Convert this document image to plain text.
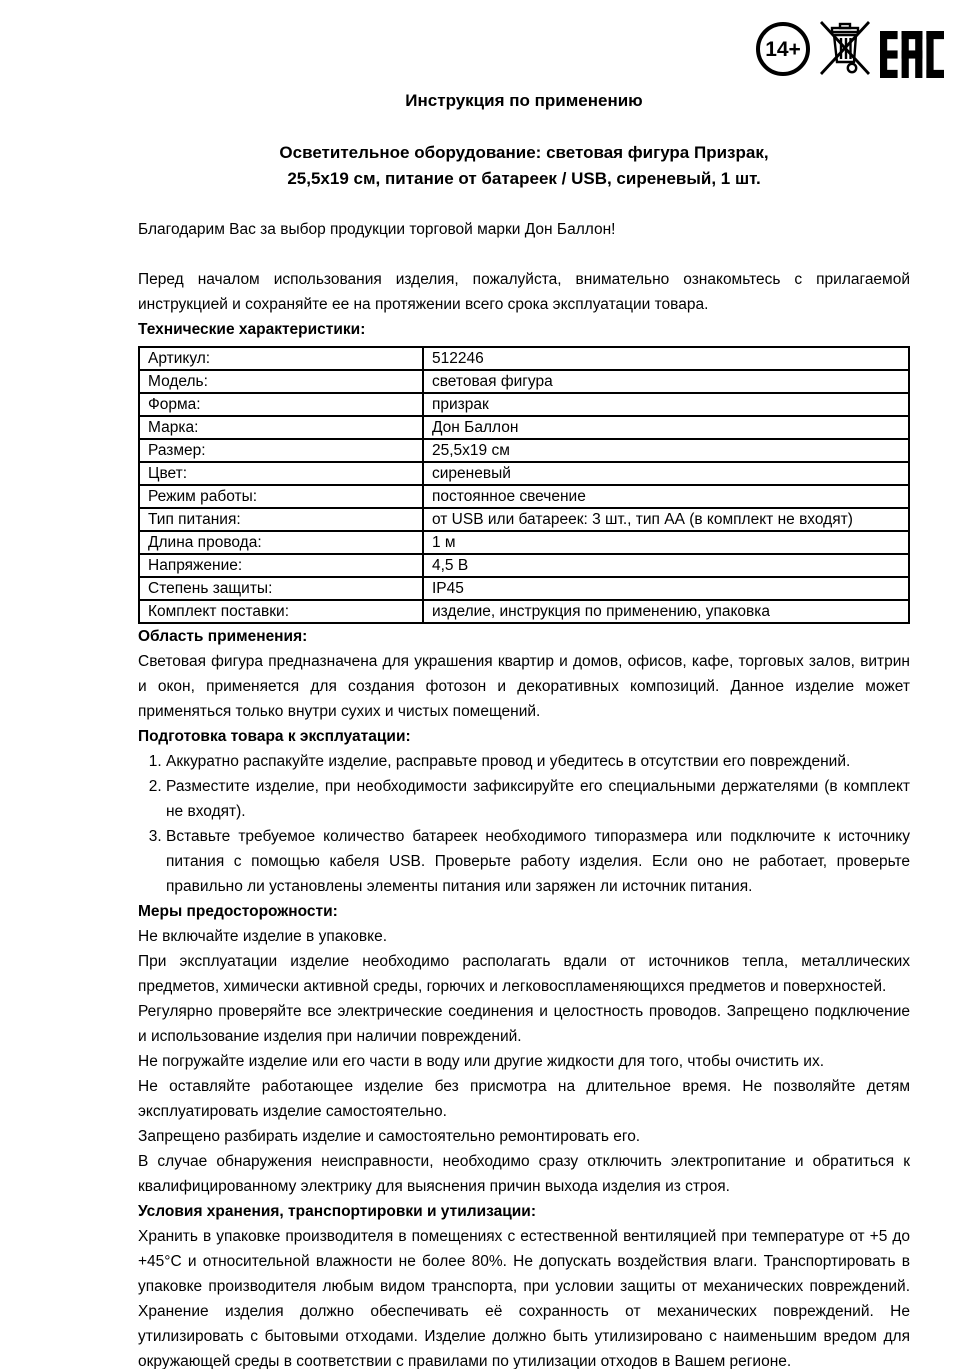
14+
Инструкция по применению
Осветительное оборудование: световая фигура Призрак,
25,5х19 см, питание от батареек / USB, сиреневый, 1 шт.

Благодарим Вас за выбор продукции торговой марки Дон Баллон!

Перед началом использования изделия, пожалуйста, внимательно ознакомьтесь с прилагаемой инструкцией и сохраняйте ее на протяжении всего срока эксплуатации товара.

Технические характеристики:

Артикул:	512246
Модель:	световая фигура
Форма:	призрак
Марка:	Дон Баллон
Размер:	25,5х19 см
Цвет:	сиреневый
Режим работы:	постоянное свечение
Тип питания:	от USB или батареек: 3 шт., тип АА (в комплект не входят)
Длина провода:	1 м
Напряжение:	4,5 В
Степень защиты:	IP45
Комплект поставки:	изделие, инструкция по применению, упаковка

Область применения:

Световая фигура предназначена для украшения квартир и домов, офисов, кафе, торговых залов, витрин и окон, применяется для создания фотозон и декоративных композиций. Данное изделие может применяться только внутри сухих и чистых помещений.

Подготовка товара к эксплуатации:

1. Аккуратно распакуйте изделие, расправьте провод и убедитесь в отсутствии его повреждений.
2. Разместите изделие, при необходимости зафиксируйте его специальными держателями (в комплект не входят).
3. Вставьте требуемое количество батареек необходимого типоразмера или подключите к источнику питания с помощью кабеля USB. Проверьте работу изделия. Если оно не работает, проверьте правильно ли установлены элементы питания или заряжен ли источник питания.

Меры предосторожности:

Не включайте изделие в упаковке.

При эксплуатации изделие необходимо располагать вдали от источников тепла, металлических предметов, химически активной среды, горючих и легковоспламеняющихся предметов и поверхностей.

Регулярно проверяйте все электрические соединения и целостность проводов. Запрещено подключение и использование изделия при наличии повреждений.

Не погружайте изделие или его части в воду или другие жидкости для того, чтобы очистить их.

Не оставляйте работающее изделие без присмотра на длительное время. Не позволяйте детям эксплуатировать изделие самостоятельно.

Запрещено разбирать изделие и самостоятельно ремонтировать его.

В случае обнаружения неисправности, необходимо сразу отключить электропитание и обратиться к квалифицированному электрику для выяснения причин выхода изделия из строя.

Условия хранения, транспортировки и утилизации:

Хранить в упаковке производителя в помещениях с естественной вентиляцией при температуре от +5 до +45°С и относительной влажности не более 80%. Не допускать воздействия влаги. Транспортировать в упаковке производителя любым видом транспорта, при условии защиты от механических повреждений. Хранение изделия должно обеспечивать её сохранность от механических повреждений. Не утилизировать с бытовыми отходами. Изделие должно быть утилизировано с наименьшим вредом для окружающей среды в соответствии с правилами по утилизации отходов в Вашем регионе.
